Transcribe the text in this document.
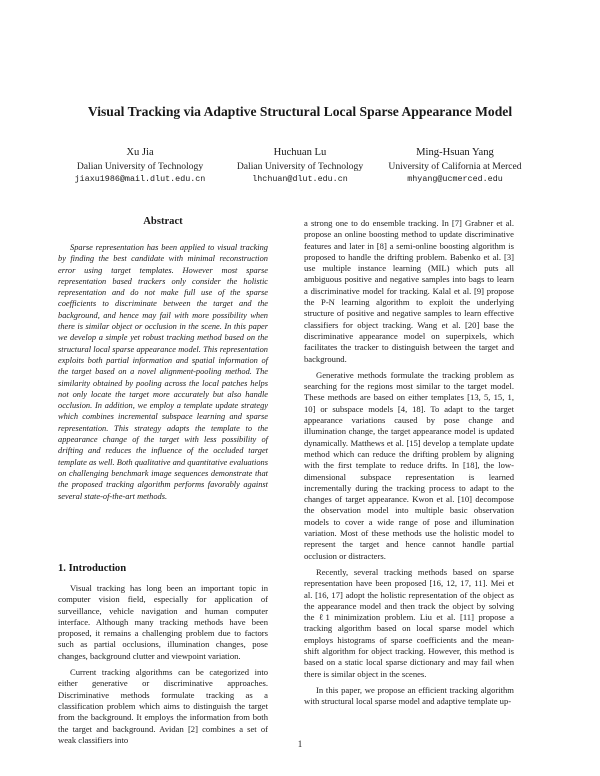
Visual Tracking via Adaptive Structural Local Sparse Appearance Model
Xu Jia
Dalian University of Technology
jiaxu1986@mail.dlut.edu.cn
Huchuan Lu
Dalian University of Technology
lhchuan@dlut.edu.cn
Ming-Hsuan Yang
University of California at Merced
mhyang@ucmerced.edu
Abstract

Sparse representation has been applied to visual tracking by finding the best candidate with minimal reconstruction error using target templates. However most sparse representation based trackers only consider the holistic representation and do not make full use of the sparse coefficients to discriminate between the target and the background, and hence may fail with more possibility when there is similar object or occlusion in the scene. In this paper we develop a simple yet robust tracking method based on the structural local sparse appearance model. This representation exploits both partial information and spatial information of the target based on a novel alignment-pooling method. The similarity obtained by pooling across the local patches helps not only locate the target more accurately but also handle occlusion. In addition, we employ a template update strategy which combines incremental subspace learning and sparse representation. This strategy adapts the template to the appearance change of the target with less possibility of drifting and reduces the influence of the occluded target template as well. Both qualitative and quantitative evaluations on challenging benchmark image sequences demonstrate that the proposed tracking algorithm performs favorably against several state-of-the-art methods.

1. Introduction

Visual tracking has long been an important topic in computer vision field, especially for application of surveillance, vehicle navigation and human computer interface. Although many tracking methods have been proposed, it remains a challenging problem due to factors such as partial occlusions, illumination changes, pose changes, background clutter and viewpoint variation.

Current tracking algorithms can be categorized into either generative or discriminative approaches. Discriminative methods formulate tracking as a classification problem which aims to distinguish the target from the background. It employs the information from both the target and background. Avidan [2] combines a set of weak classifiers into

a strong one to do ensemble tracking. In [7] Grabner et al. propose an online boosting method to update discriminative features and later in [8] a semi-online boosting algorithm is proposed to handle the drifting problem. Babenko et al. [3] use multiple instance learning (MIL) which puts all ambiguous positive and negative samples into bags to learn a discriminative model for tracking. Kalal et al. [9] propose the P-N learning algorithm to exploit the underlying structure of positive and negative samples to learn effective classifiers for object tracking. Wang et al. [20] base the discriminative appearance model on superpixels, which facilitates the tracker to distinguish between the target and background.

Generative methods formulate the tracking problem as searching for the regions most similar to the target model. These methods are based on either templates [13, 5, 15, 1, 10] or subspace models [4, 18]. To adapt to the target appearance variations caused by pose change and illumination change, the target appearance model is updated dynamically. Matthews et al. [15] develop a template update method which can reduce the drifting problem by aligning with the first template to reduce drifts. In [18], the low-dimensional subspace representation is learned incrementally during the tracking process to adapt to the changes of target appearance. Kwon et al. [10] decompose the observation model into multiple basic observation models to cover a wide range of pose and illumination variation. Most of these methods use the holistic model to represent the target and hence cannot handle partial occlusion or distracters.

Recently, several tracking methods based on sparse representation have been proposed [16, 12, 17, 11]. Mei et al. [16, 17] adopt the holistic representation of the object as the appearance model and then track the object by solving the ℓ1 minimization problem. Liu et al. [11] propose a tracking algorithm based on local sparse model which employs histograms of sparse coefficients and the mean-shift algorithm for object tracking. However, this method is based on a static local sparse dictionary and may fail when there is similar object in the scenes.

In this paper, we propose an efficient tracking algorithm with structural local sparse model and adaptive template up-

1
